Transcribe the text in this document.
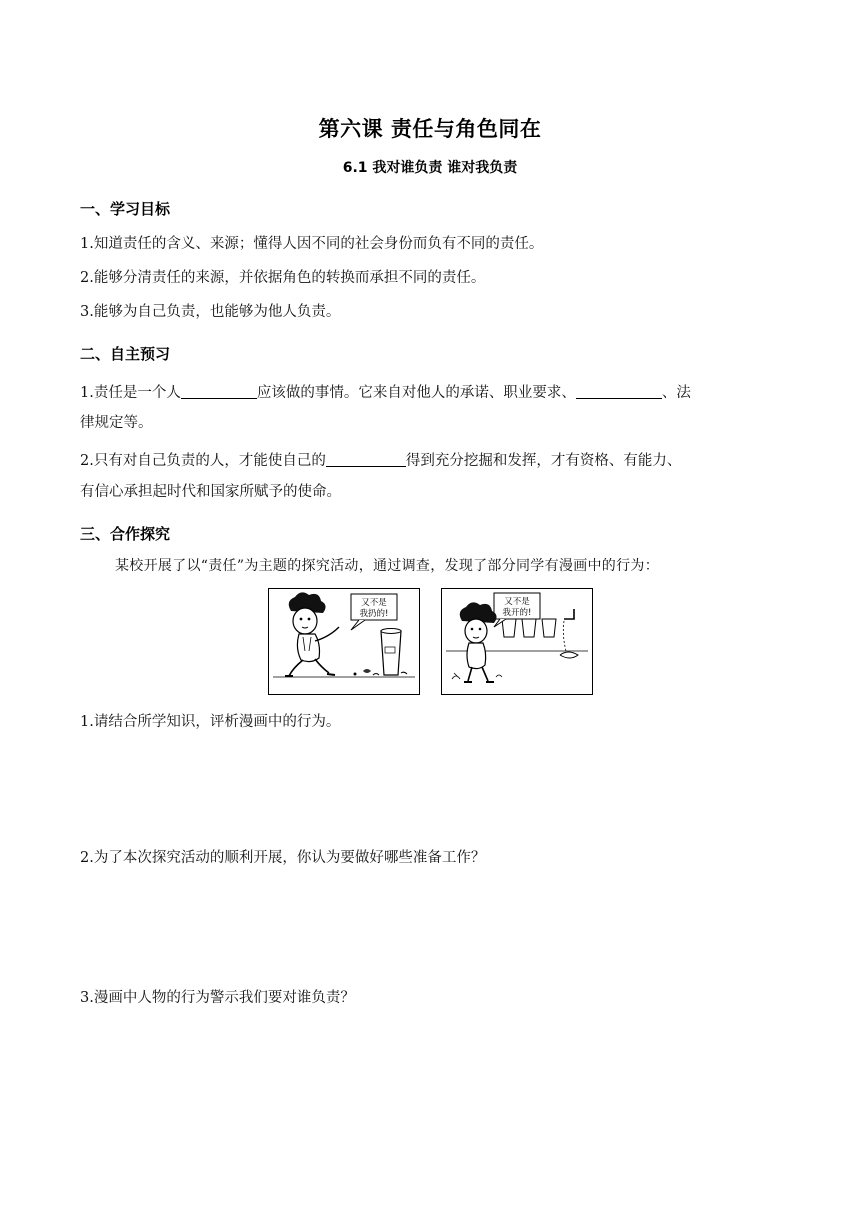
第六课 责任与角色同在
6.1 我对谁负责 谁对我负责
一、学习目标
1.知道责任的含义、来源；懂得人因不同的社会身份而负有不同的责任。
2.能够分清责任的来源，并依据角色的转换而承担不同的责任。
3.能够为自己负责，也能够为他人负责。
二、自主预习
1.责任是一个人	应该做的事情。它来自对他人的承诺、职业要求、	、法
律规定等。
2.只有对自己负责的人，才能使自己的	得到充分挖掘和发挥，才有资格、有能力、
有信心承担起时代和国家所赋予的使命。
三、合作探究
某校开展了以“责任”为主题的探究活动，通过调查，发现了部分同学有漫画中的行为：
又不是
我扔的!
又不是
我开的!
1.请结合所学知识，评析漫画中的行为。
2.为了本次探究活动的顺利开展，你认为要做好哪些准备工作？
3.漫画中人物的行为警示我们要对谁负责？
